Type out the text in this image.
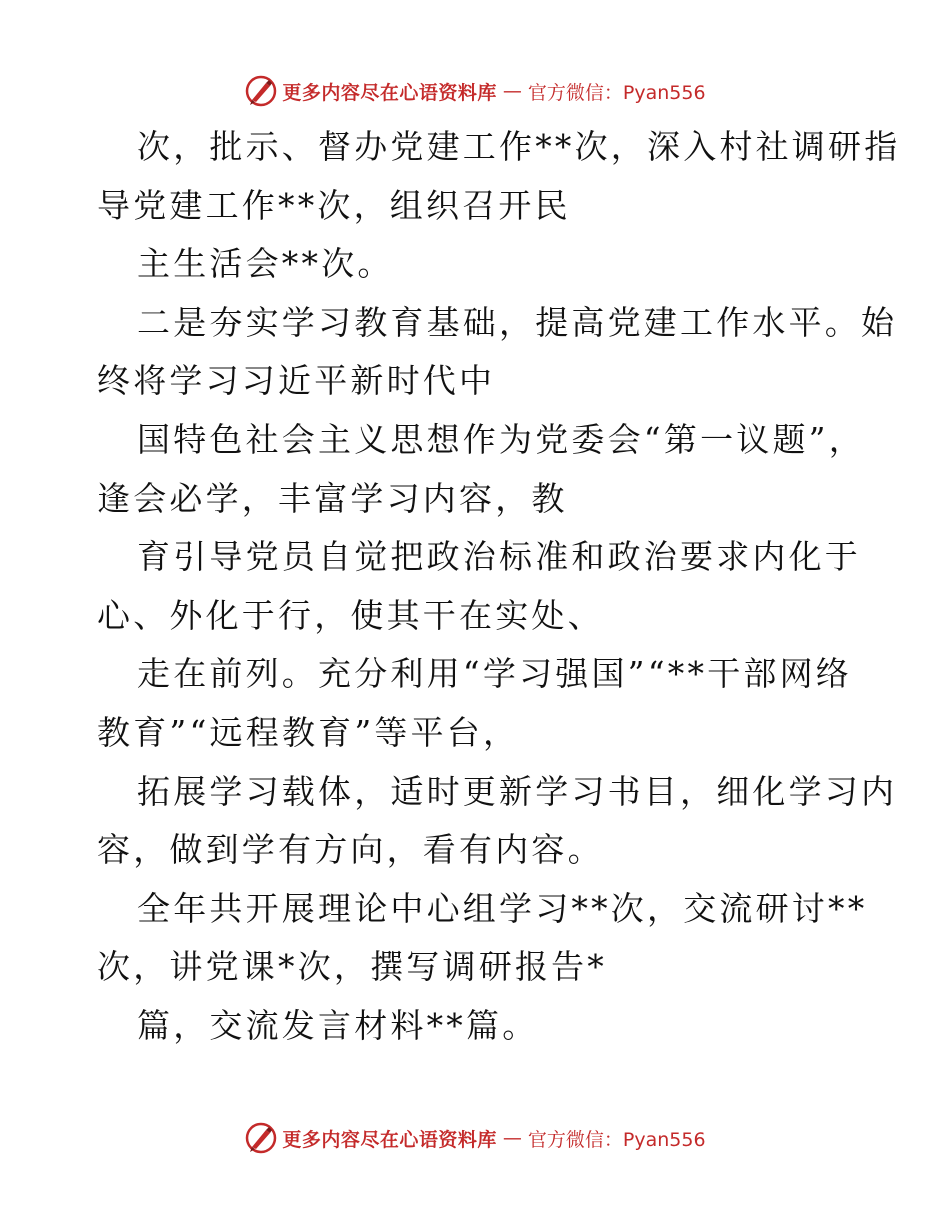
更多内容尽在心语资料库 — 官方微信：Pyan556
次，批示、督办党建工作**次，深入村社调研指
导党建工作**次，组织召开民
主生活会**次。
二是夯实学习教育基础，提高党建工作水平。始
终将学习习近平新时代中
国特色社会主义思想作为党委会“第一议题”，
逢会必学，丰富学习内容，教
育引导党员自觉把政治标准和政治要求内化于
心、外化于行，使其干在实处、
走在前列。充分利用“学习强国”“**干部网络
教育”“远程教育”等平台，
拓展学习载体，适时更新学习书目，细化学习内
容，做到学有方向，看有内容。
全年共开展理论中心组学习**次，交流研讨**
次，讲党课*次，撰写调研报告*
篇，交流发言材料**篇。
更多内容尽在心语资料库 — 官方微信：Pyan556
